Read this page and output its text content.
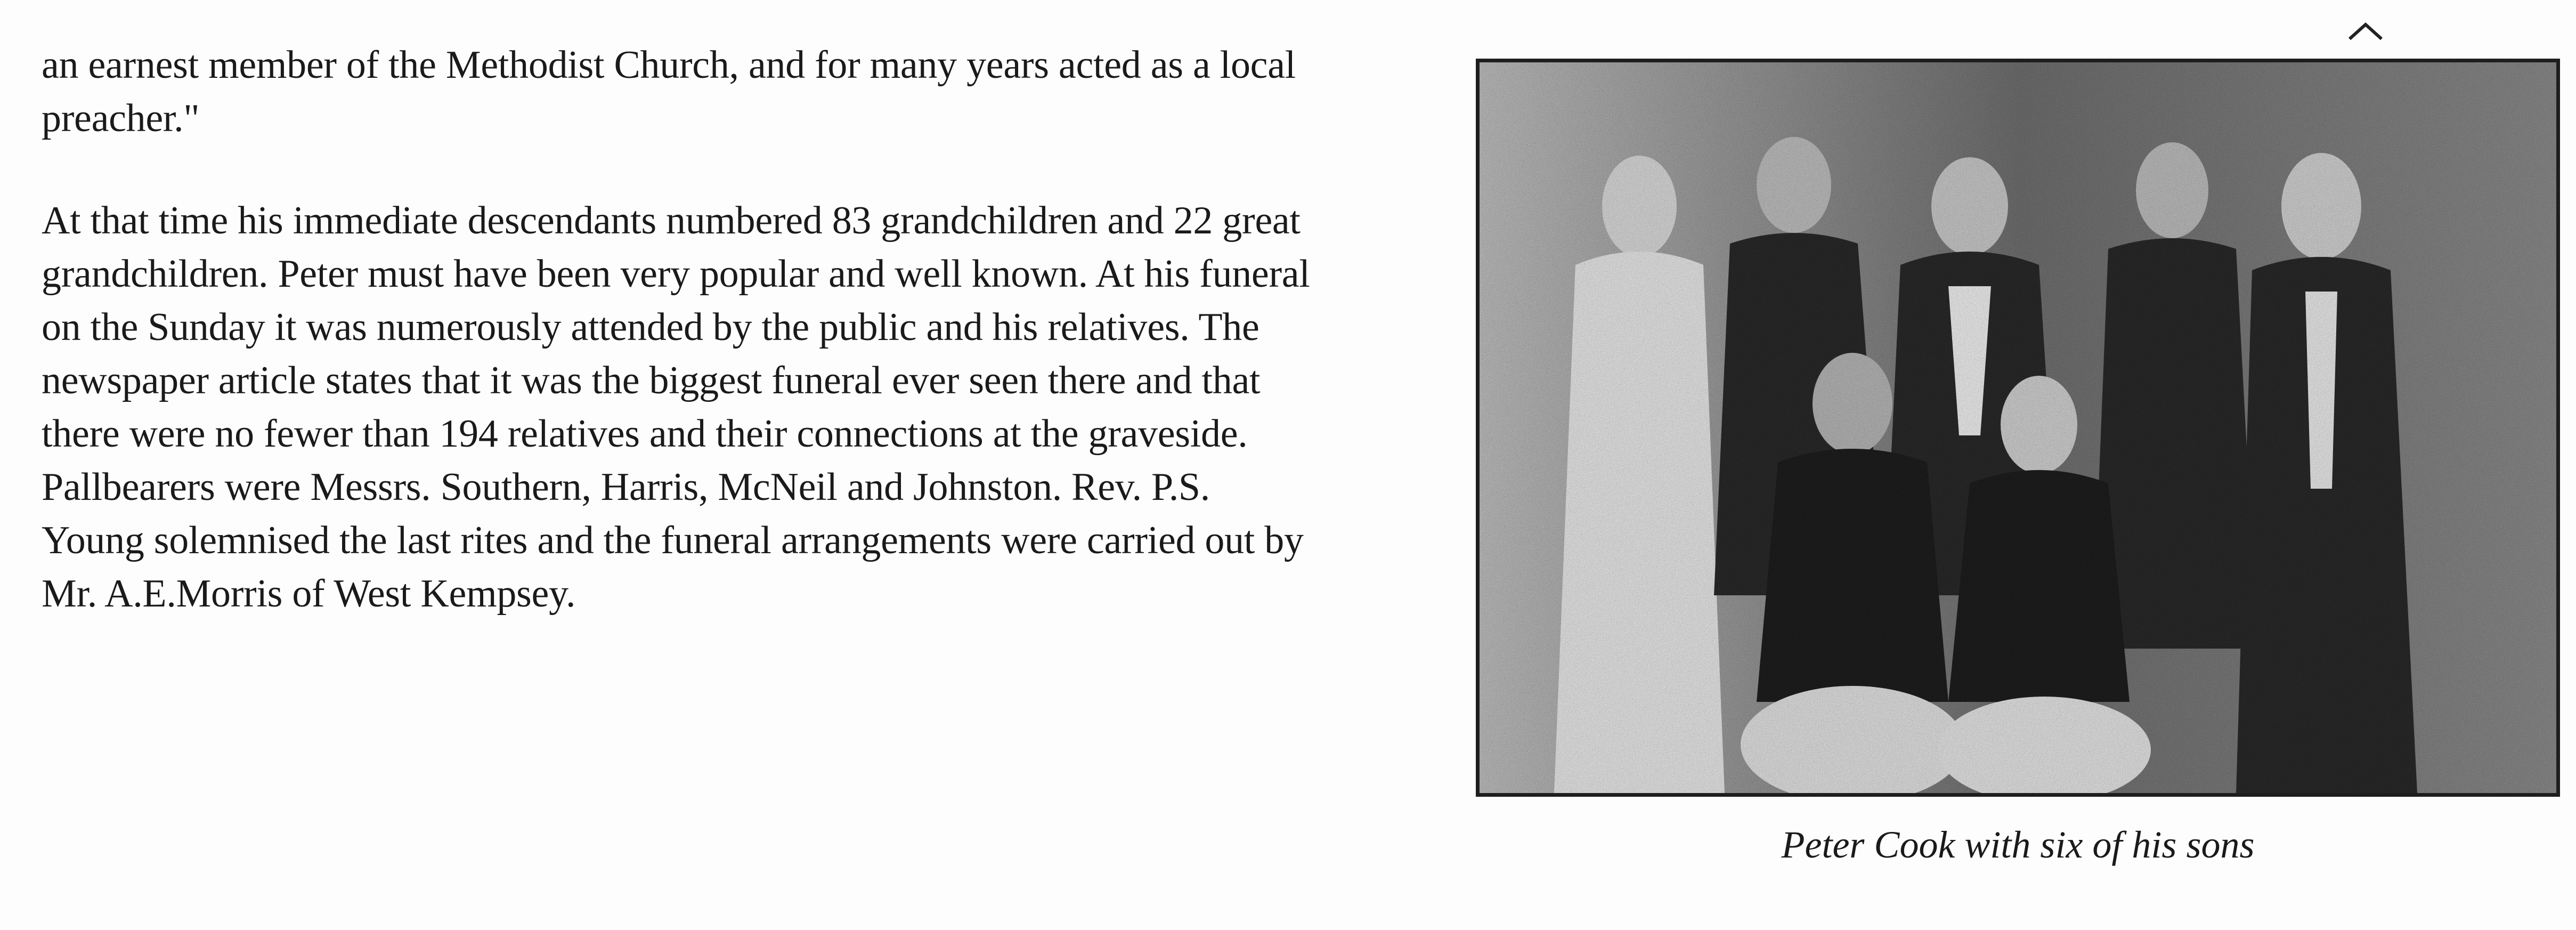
an earnest member of the Methodist Church, and for many years acted as a local
preacher."

At that time his immediate descendants numbered 83 grandchildren and 22 great
grandchildren. Peter must have been very popular and well known. At his funeral
on the Sunday it was numerously attended by the public and his relatives. The
newspaper article states that it was the biggest funeral ever seen there and that
there were no fewer than 194 relatives and their connections at the graveside.
Pallbearers were Messrs. Southern, Harris, McNeil and Johnston. Rev. P.S.
Young solemnised the last rites and the funeral arrangements were carried out by
Mr. A.E.Morris of West Kempsey.

Peter Cook with six of his sons
